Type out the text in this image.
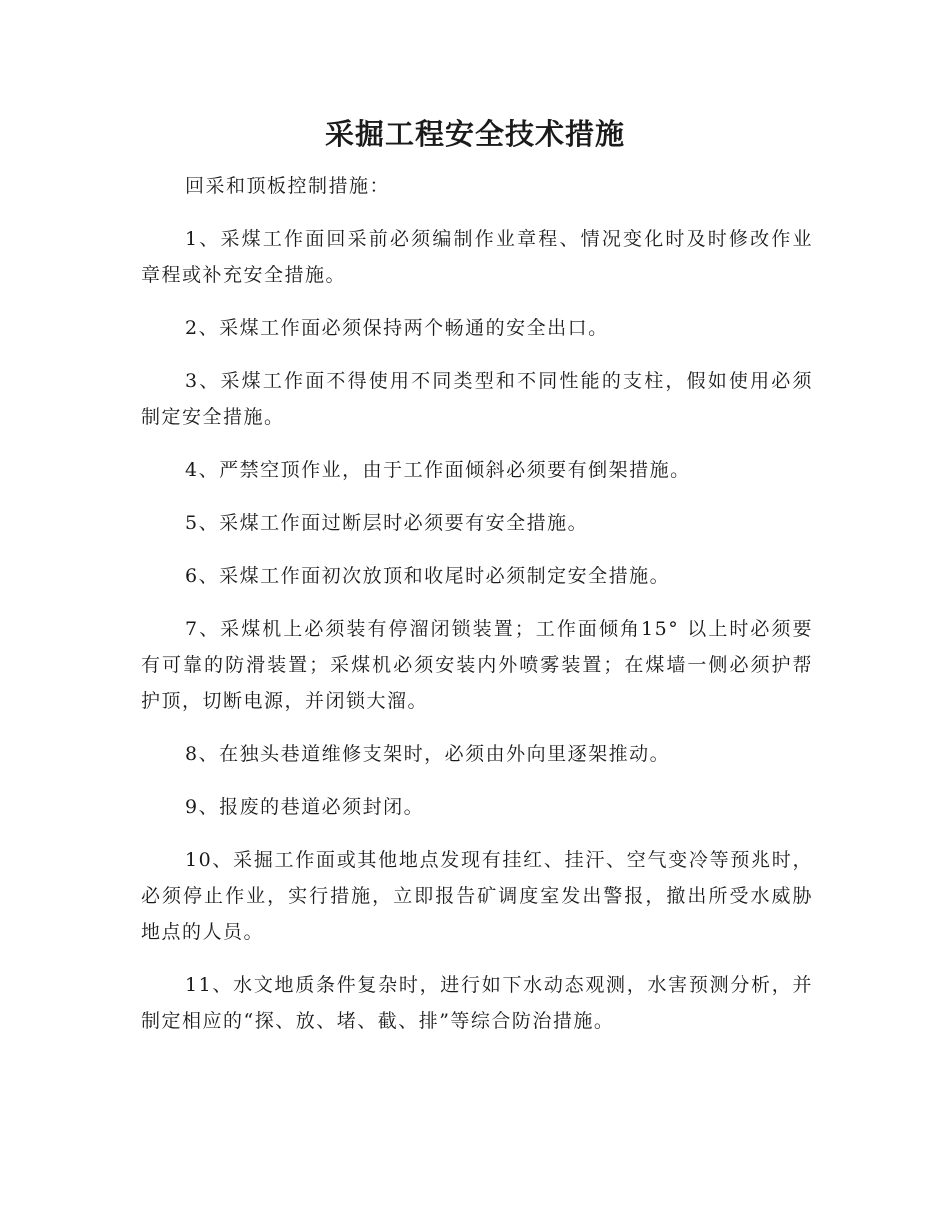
采掘工程安全技术措施

回采和顶板控制措施：

1、采煤工作面回采前必须编制作业章程、情况变化时及时修改作业章程或补充安全措施。

2、采煤工作面必须保持两个畅通的安全出口。

3、采煤工作面不得使用不同类型和不同性能的支柱，假如使用必须制定安全措施。

4、严禁空顶作业，由于工作面倾斜必须要有倒架措施。

5、采煤工作面过断层时必须要有安全措施。

6、采煤工作面初次放顶和收尾时必须制定安全措施。

7、采煤机上必须装有停溜闭锁装置；工作面倾角15° 以上时必须要有可靠的防滑装置；采煤机必须安装内外喷雾装置；在煤墙一侧必须护帮护顶，切断电源，并闭锁大溜。

8、在独头巷道维修支架时，必须由外向里逐架推动。

9、报废的巷道必须封闭。

10、采掘工作面或其他地点发现有挂红、挂汗、空气变冷等预兆时，必须停止作业，实行措施，立即报告矿调度室发出警报，撤出所受水威胁地点的人员。

11、水文地质条件复杂时，进行如下水动态观测，水害预测分析，并制定相应的“探、放、堵、截、排”等综合防治措施。
